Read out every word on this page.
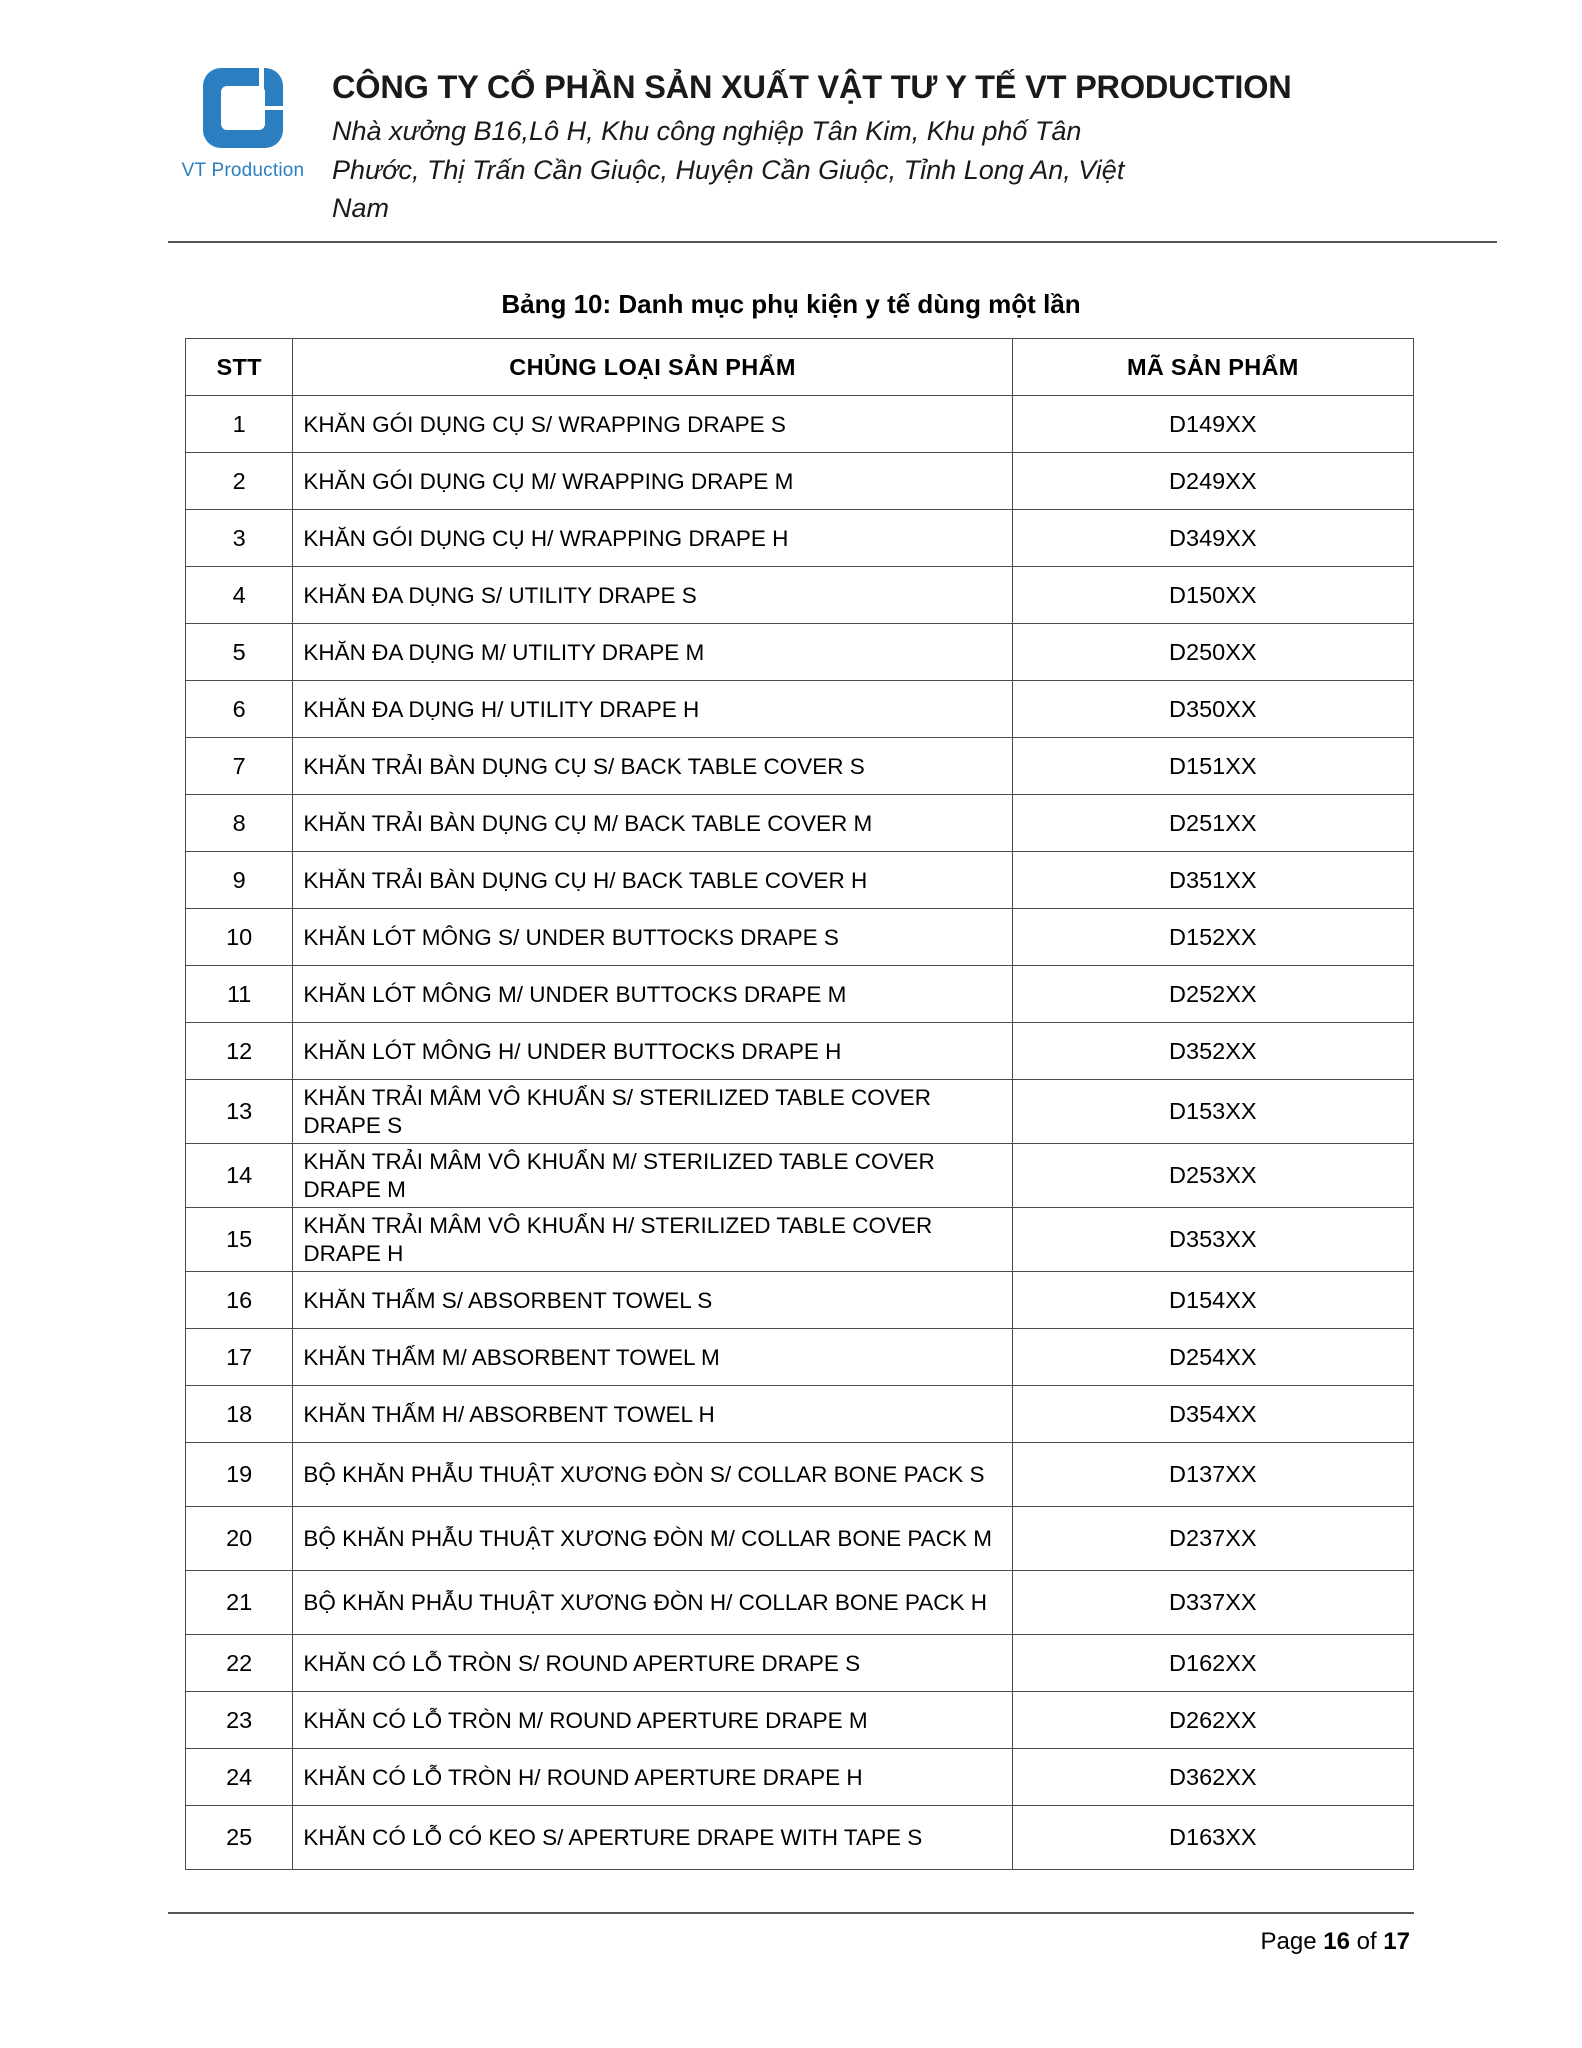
VT Production
CÔNG TY CỔ PHẦN SẢN XUẤT VẬT TƯ Y TẾ VT PRODUCTION
Nhà xưởng B16,Lô H, Khu công nghiệp Tân Kim, Khu phố Tân Phước, Thị Trấn Cần Giuộc, Huyện Cần Giuộc, Tỉnh Long An, Việt Nam
Bảng 10: Danh mục phụ kiện y tế dùng một lần
STT	CHỦNG LOẠI SẢN PHẨM	MÃ SẢN PHẨM
1	KHĂN GÓI DỤNG CỤ S/ WRAPPING DRAPE S	D149XX
2	KHĂN GÓI DỤNG CỤ M/ WRAPPING DRAPE M	D249XX
3	KHĂN GÓI DỤNG CỤ H/ WRAPPING DRAPE H	D349XX
4	KHĂN ĐA DỤNG S/ UTILITY DRAPE S	D150XX
5	KHĂN ĐA DỤNG M/ UTILITY DRAPE M	D250XX
6	KHĂN ĐA DỤNG H/ UTILITY DRAPE H	D350XX
7	KHĂN TRẢI BÀN DỤNG CỤ S/ BACK TABLE COVER S	D151XX
8	KHĂN TRẢI BÀN DỤNG CỤ M/ BACK TABLE COVER M	D251XX
9	KHĂN TRẢI BÀN DỤNG CỤ H/ BACK TABLE COVER H	D351XX
10	KHĂN LÓT MÔNG S/ UNDER BUTTOCKS DRAPE S	D152XX
11	KHĂN LÓT MÔNG M/ UNDER BUTTOCKS DRAPE M	D252XX
12	KHĂN LÓT MÔNG H/ UNDER BUTTOCKS DRAPE H	D352XX
13	KHĂN TRẢI MÂM VÔ KHUẨN S/ STERILIZED TABLE COVER DRAPE S	D153XX
14	KHĂN TRẢI MÂM VÔ KHUẨN M/ STERILIZED TABLE COVER DRAPE M	D253XX
15	KHĂN TRẢI MÂM VÔ KHUẨN H/ STERILIZED TABLE COVER DRAPE H	D353XX
16	KHĂN THẤM S/ ABSORBENT TOWEL S	D154XX
17	KHĂN THẤM M/ ABSORBENT TOWEL M	D254XX
18	KHĂN THẤM H/ ABSORBENT TOWEL H	D354XX
19	BỘ KHĂN PHẪU THUẬT XƯƠNG ĐÒN S/ COLLAR BONE PACK S	D137XX
20	BỘ KHĂN PHẪU THUẬT XƯƠNG ĐÒN M/ COLLAR BONE PACK M	D237XX
21	BỘ KHĂN PHẪU THUẬT XƯƠNG ĐÒN H/ COLLAR BONE PACK H	D337XX
22	KHĂN CÓ LỖ TRÒN S/ ROUND APERTURE DRAPE S	D162XX
23	KHĂN CÓ LỖ TRÒN M/ ROUND APERTURE DRAPE M	D262XX
24	KHĂN CÓ LỖ TRÒN H/ ROUND APERTURE DRAPE H	D362XX
25	KHĂN CÓ LỖ CÓ KEO S/ APERTURE DRAPE WITH TAPE S	D163XX
Page 16 of 17
